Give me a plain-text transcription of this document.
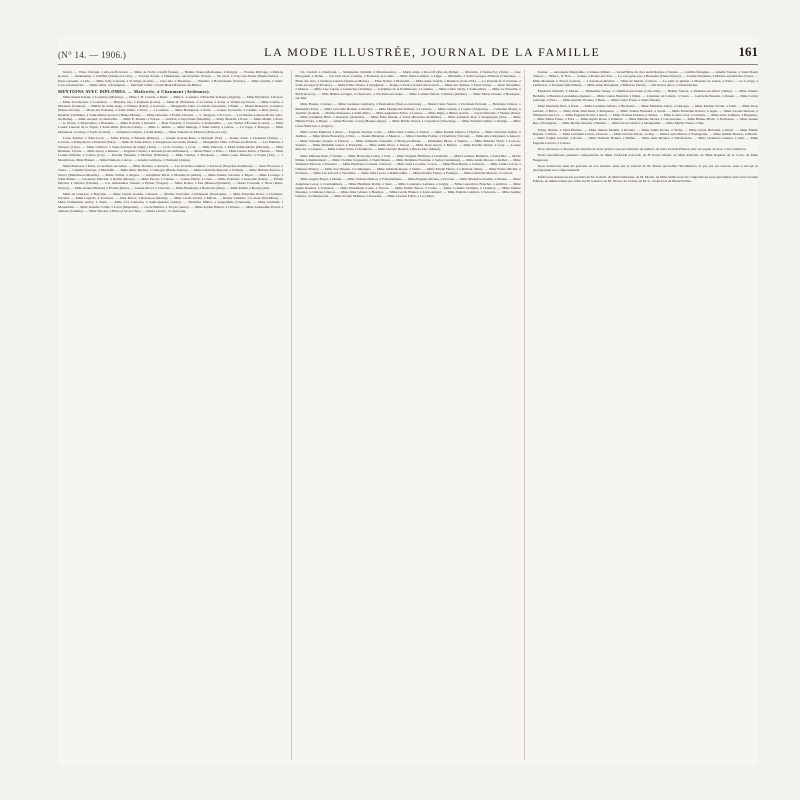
(N° 14. — 1906.)	LA MODE ILLUSTRÉE, JOURNAL DE LA FAMILLE	161
Nancy. — Vibes Chorpin, à Aix-en-Provence. — Mme de Nolli, à Ruffi (Seine). — Hélène Stoner-Mosbennet, à Perigny. — Yvonne Périvage, à Périeny (Loire). — Andelaurier, à Chéfflet (Saône-et-Loire). — Yvonne Poutet, à Dunkerque, rue Royallac (Nord). — En rural, à Yzey-sur-Saône (Haute-Saône). — Peret-souvenir, à Lille. — Mme Jolly Lauvent, à St-Wepp (Loiret). — Ciec-lais, à Burennes. — Valentin, à Bourbonnais (Savoie). — Mme Geuble, à Saint-Lacy-Chalesalvier. — Marie Allee, à Perpignan. — Marcheil Gillet, à Saint-Henri-Bourdon-du-Brillet.
MENTIONS AVEC DIPLOMES. — Malicette, à Chaumont (Ardennes).
Mme Renée Kerais, à Coutance (Manche). — Mme J. B. Cazeau, à Ruzé. — Mme L. Lauzeux, à Bouchaf-le-Rege (Algérie). — Mme Raymond, à Royan. — Mme Serveuyeau, à Courtivon. — Bruyère, rue, à Etapiens (Loire). — Mme D. Moineaux, à au Génie, à Artou, à Vendre-en-Véron. — Mme Lauras, à Marnoux (Sonnen). — Helléb de Saint-Ange, à Villeure (Isère), à Garrorel. — Marguerite Lahe, à Lamont-Jousselein, à Blum. — Oiseul Beauréce, à Annecy (Haute-Savoie). — Marie-Jes Fontaine, à Saint-Julien, à Nord. — à Loubane. — Mme Bourgeton, à Paris. — Jeanne Gouvedre, à Ladelie, à Dôle (Jura). — Renalde Vésillaine, à Saint-Marne-le-Gros (Haute-Marne). — Mme Ouvelier, à Etable-Cheveil. — C. Kenyon, à St-Lyon. — Les Baules-Lauréat-Roche (Aix-les-Bains). — Mme Arnaud, à Charleville. — Mme E. Dosme, à Voiron. — Guillon, à Sept-Pauls (Moselle). — Rudy Maurlis, à Paris. — Mme Maille, à Paris. — G. Pierre, à Montvelins, à Bouanne. — Mme Pouché, à Renaud. — Bois d'audion, à Souvence, à Romanville. — Les Saules d'Écouen (Loiret). — Mme Louise Laurent de la Vigne, à Saint-Omer (Pas-de-Calais). — Mme C. Remis. — Mme Ménage, à Saint-Valéry, à Gisors. — Le Gage, à Bourges. — Mme Delaunois, à Laisey, à Sorde (Cantal). — Valentine Campen, à Saint-Remy. — Mme Tourelle de Montreu (Eure-et-Loir).
Lucie Turmel, à Saint-Lyon. — Mme Poirier, à Baumes (Rhône). — Joseph Gravier-Buse, à Merreuil (Var). — Jeanne Verel, à Chaumes (Seine). — Laroche, à Pompadour, à Palvanil (Eure). — Mme de Saint-Pierre, à Jonquéroux-sur-Seine (Seine). — Marguerite Jahin, à Flaire-sur-Rivière. — Les Fillettes, à Vierzon (Cher). — Mme Chabrol, à Saint-Sauveur-de-Vigny (Tarn). — Léon Cortaux, à Lyon. — Mme Hervois, à Mont-Sainte-Marie (Hérault). — Mme Belmont, à Paris. — Mme Arros, à Rennes. — Eugénie Carrère, à Ancenis (Loire-Inférieure). — Marie Bianc, à Paris. — Mme Gaston Perbe, à Nantes. — Mme Louise Pelletier, à Cahors (Lot). — Rosalie Vauzelle, à Morlaix (Finistère). — Mme Charles, à Bordeaux. — Mme Laure Monnier, à Fréjus (Var). — à Montbrison, Mme Brunel. — Mme Dumont, à Arras. — Ginette Lefebure, à Vermand (Aisne).
Mme Bonnard, à Paris, à Carrières-sur-Seine. — Mme Thomas, à Auxerre. — Les Grandes-Combes, à Tarascon (Bouches-du-Rhône). — Sœur Éleonore, à Tours. — Camille Sauvage, à Marseille. — Mme Aline Bernier, à Limoges (Haute-Vienne). — Mme Gabrielle Rouault, à Orléans. — Mme Héloïse Pierron, à Nancy (Meurthe-et-Moselle). — Marie Vallon, à Angers. — Adolphine Rivet, à Montluçon (Allier). — Mme Juliette Sarrazin, à Dijon. — Mme Lerouge, à Saint-Brieuc. — Lucienne Marchal, à Reims (Marne). — Mme Pascal, à Cannes. — Louise Hardy, à Caen. — Mme Fontanel, à Grenoble (Isère). — Émilie Durand, à Valence (Drôme). — Les demoiselles Vautrin, à Épinal (Vosges). — Mme Rosier, à Pau (Basses-Pyrénées). — Marie Foucault, à Niort (Deux-Sèvres). — Mme Arsène Blondel, à Évreux (Eure). — Jeanne Morel, à Chartres. — Mme Baudouin, à Beauvais (Oise). — Mme Paulin, à Bourg (Ain).
Mme de Lesparre, à Bayonne. — Mme Léonie Gautier, à Rouen. — Marthe Chevalier, à Périgueux (Dordogne). — Mme Ernestine Roux, à Clermont-Ferrand. — Mme Lagarde, à Toulouse. — Julie Perrot, à Besançon (Doubs). — Mme Cécile Girard, à Mâcon. — Berthe Lambert, à Lorient (Morbihan). — Mme Clémentine Aubry, à Tours. — Mme Vve Lemoine, à Saint-Quentin (Aisne). — Hortense Mallet, à Angoulême (Charente). — Mme Germain, à Montauban. — Mme Isabelle Collin, à Laval (Mayenne). — Lucie Barbier, à Troyes (Aube). — Mme Sophie Hubert, à Châlons. — Mme Armandine Picard, à Amiens (Somme). — Mme Vincent, à Blois (Loir-et-Cher). — Marie Leclerc, à Cherbourg.
Ch. Cardell, à Chamonix. — Marguerite Schmidt, à Montmorency. — Marie Allet, à Roscoff (Puy-de-Dôme). — Marcelle, à Sainte-Foy (Tarn). — Lise Bolognelli, à Rome. — Un vieil bavre souillon, à Fontenay-le-Comte. — Mme Sutin-Lamarre, à Liège. — Mirabelle, à Saint-Georges d'Oleron (Charente). — Bride des bois, à Château-Landon (Seine-et-Marne). — Elise Nollet, à Bruxelles. — Mme Anne Guérin, à Réunion (Côte-d'Or). — Le Passant de la Fortune, à Saint-Georges (Calvados). — Mme Fabre-Vauzet, à Perpignan. — Rogue, à Pont-Carrelet-des-Carreli. — Mme des Salinne, à Saint-Vauvir. — Sœur Séraphine, à Mantes. — Mme Lise Lejaut, à Gamaches (Somme). — Joséphine de la Pommeraye, à Lannion. — Mme Claire Serdy, à Saint-Gilles. — Mme Le Nouzille, à Puybrun (Lot). — Mlle Hélène Granger, à Chateroux, à Vie-Paris-sur-Seine. — Mme Carmen Daroit, à Riviera (Drôme). — Mme Maria Vernier, à Boulogne-sur-Mer.
Mme Hauset, à Jersey. — Mme Lucienne Lamberty, à Montauban (Tarn-et-Garonne). — Marie-Claire Sarnac, à Clermont-Ferrand. — Henriette Charon, à Mazamet (Tarn). — Mme Léocadie Bonnet, à Pontivy. — Mme Marguerite Paillard, à Louviers. — Mme Lebrun, à Cognac (Charente). — Célestine Maury, à Aurillac (Cantal). — Marthe Rousseau, à Saint-Malo. — Mme Augustine Fabre, à Castres. — Mme Régis, à Nîmes (Gard). — Lucie Delorme, à Vienne (Isère). — Mme Joséphine Brun, à Annonay (Ardèche). — Mme Élisa Martin, à Salon (Bouches-du-Rhône). — Mme Adrienne Roy, à Draguignan (Var). — Mme Hélène Faure, à Digne. — Aline Bouvier, à Gap (Hautes-Alpes). — Mme Berthe Sicard, à Carpentras (Vaucluse). — Mme Noémie Guillot, à Orange. — Mme Laure Bertrand, à Avignon.
Mme Cécile Maillard, à Arles. — Eugénie Chabert, à Aix. — Mme Irène Combe, à Toulon. — Mme Pauline Olivier, à Hyères. — Mme Victorine Aubert, à Antibes. — Mme Marie Bonnefoy, à Nice. — Jeanne Bérenger, à Menton. — Mme Claudine Poirier, à Chambéry (Savoie). — Mme Alice Reynaud, à Annecy. — Mme Suzanne Jacquet, à Thonon. — Mme Armande Chatelain, à Bourg-en-Bresse. — Madeleine Blanc, à Nantua. — Mme Blanche Vidal, à Lons-le-Saunier. — Mme Mathilde Genet, à Pontarlier. — Mme Adèle Prost, à Vesoul. — Mme Rose Guyot, à Belfort. — Mme Eulalie Vernet, à Gray. — Louise Mercier, à Langres. — Mme Céline Noël, à Chaumont. — Mme Octavie Renard, à Bar-le-Duc (Meuse).
Mme Mélanie Petit, à Verdun. — Mme Honorine Collet, à Toul. — Mme Virginie Thiébaut, à Lunéville. — Mme Léontine Humbert, à Saint-Dié. — Marie Didier, à Remiremont. — Mme Clotilde Jacquemin, à Neufchâteau. — Mme Delphine Fournier, à Sedan (Ardennes). — Mme Anaïs Drouet, à Rethel. — Mme Valentine Moreau, à Vouziers. — Mme Hermance Laurent, à Rocroi. — Mme Julia Lecomte, à Laon. — Mme Élise Bertin, à Soissons. — Mme Célina Caron, à Château-Thierry. — Mme Zoé Dupuis, à Compiègne. — Mme Athénaïs Roger, à Senlis. — Mme Estelle Henry, à Clermont (Oise). — Mme Fanny Michel, à Pontoise. — Mme Léa Gérard, à Versailles. — Mme Irma Lucas, à Rambouillet. — Mme Rosalie Fleury, à Étampes. — Mme Gabrielle Masson, à Corbeil.
Mme Angèle Boyer, à Melun. — Mme Sidonie Hamon, à Fontainebleau. — Mme Eugénie Riviere, à Provins. — Mme Prudence Poulain, à Meaux. — Mme Joséphine Leroy, à Coulommiers. — Mme Herminie Robin, à Sens. — Mme Constance Lemaire, à Joigny. — Mme Geneviève Bouchet, à Avallon. — Mme Aglaé Renaud, à Tonnerre. — Mme Philomène Colas, à Nevers. — Mme Esther Baron, à Cosne. — Mme Cornélie Clément, à Clamecy. — Mme Justine Meunier, à Château-Chinon. — Mme Irma Giraud, à Bourges. — Mme Lucile Brunet, à Saint-Amand. — Mme Paméla Gaillard, à Sancerre. — Mme Agathe Lefèvre, à Châteauroux. — Mme Ursule Mathieu, à Issoudun. — Mme Clarisse Fabre, à La Châtre.
Sonnet. — Antoinette Mergadine, à Sannes Ombré. — Grand'Mère du Jura Andi Reynes à Nantes. — Camille Perugien. — Amélie Vanner, à Saint Piauls (Seine). — Mme L. P. Fiou. — Jeanne, à Roche-sur-Yon. — Le rose grise pas, à Bressuire (Deux-Sèvres). — Claude Pentulieu, à Marans-sur-Marche (Cher). — Mme Monsieur, à Tavers (Loiret). — à Sarcin-au-Rivière. — Mme de Marsil, à Gisors. — Le petit au plemes, à Maurien de Lisses, à Tours. — Le Levage, à Lamirasca, à Tourneur (Morbihan). — Mme Aline Barquenet, à Bellevue (Nord). — Ma Douce Alice, à Vardelonches.
Élisabeth Delrulle, à Marais. — Madeleine Sauge, à Châtillon-sur-Seine (Côte-d'Or). — Hélène Sauvet, à Moulins-sur-Allier (Allier). — Mme Juliette Herbelin, à Bretolle-Lacunèmes-Quesnel. — Mme Louise Bernard, à Dijon. — Célestine de Labarre, à Tours. — Gabrielle Bouette, à Rouen. — Mme Cécile Lemoine, à Niort. — Mme Aurélie Thomas, à Brest. — Mme Claire Fosse, à Saint-Nazaire.
Mme Henriette Bois, à Paris. — Mme Léontine Gilbert, à Bordeaux. — Mme Mathilde Aubry, à Limoges. — Mme Pauline Vernet, à Tulle. — Mme Rosa Leblanc, à Brive. — Mme Zélie Marchand, à Périgueux. — Mme Valérie Bonnard, à Sarlat. — Mme Ernestine Robert, à Agen. — Mme Léonie Masson, à Villeneuve-sur-Lot. — Mme Eugénie Perrin, à Auch. — Mme Clarisse Durand, à Tarbes. — Mme Louise Gros, à Lourdes. — Mme Alice Lambert, à Bagnères. — Mme Marie Fabre, à Foix. — Mme Agnès Roux, à Pamiers. — Mme Blanche Morin, à Carcassonne. — Mme Hélène Blanc, à Narbonne. — Mme Jeanne Rey, à Perpignan. — Mme Berthe Arnaud, à Béziers. — Mme Lucie Garnier, à Montpellier. — Mme Marthe Faure, à Sète.
Fanny Dumas, à Saint-Étienne. — Mme Juliette Moulin, à Roanne. — Mme Adèle Roche, à Vichy. — Mme Cécile Bertrand, à Riom. — Mme Émilie Dupont, à Thiers. — Mme Gabrielle Lebon, à Issoire. — Mme Octavie Perret, au Puy. — Mme Laure Martel, à Yssingeaux. — Mme Amélie Besson, à Mende. — Mme Sophie Jourdan, à Rodez. — Mme Nathalie Bonnet, à Millau. — Mme Irène Rivière, à Villefranche. — Mme Clémence Granier, à Albi. — Mme Eugénie Lacroix, à Cahors.
Nous adressons à chacune des lauréats de notre grand concours littéraire un numéro de notre Grande Édition, hier sur papier de luxe, à leur intention.
Nous reproduisons plusieurs compositions de Mme d'Albaide d'Arcadi, de H. Perret Manet, de Mme Plancier, de Mme Raphael de la Croix, de Mme Faugeroux.
Nous donnerons aussi les portraits de nos lauréats, ainsi que le portrait de M. Manet qui habite l'Ile-Maurice, et qui, par ses œuvres, nous a envoyé sa photographie avec empressement.
Enfin nous donnerons les portraits de M. Gabriel, de Mme Dubrenne, de M. Mouls, de Mme Vallès dont les compositions sont reproduites dans notre Grande Édition, en même temps que celles de M. Gabriel, de M. Neveu, du Soldat, de M. G. Chauvet et de Marie Frélias.
